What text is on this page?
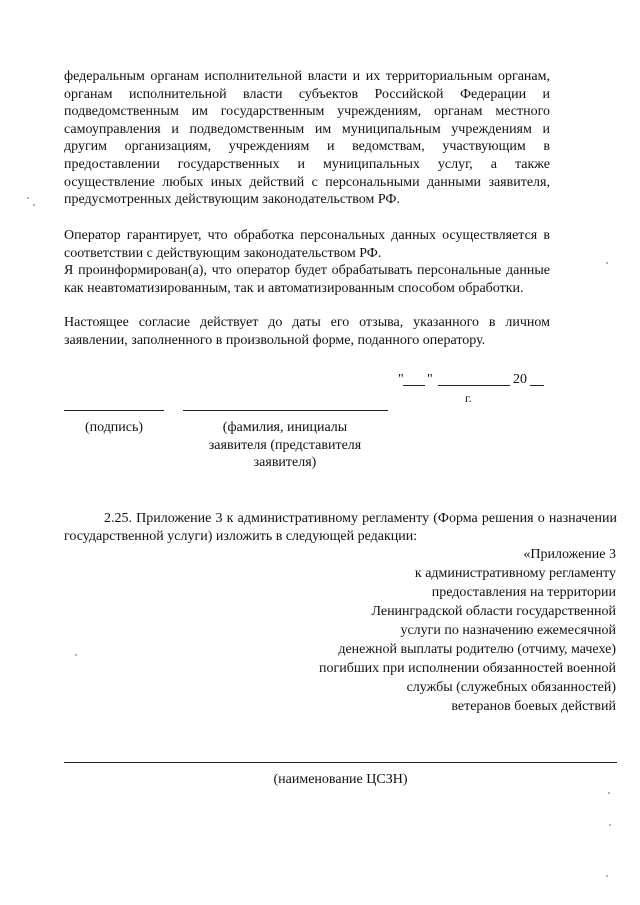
федеральным органам исполнительной власти и их территориальным органам, органам исполнительной власти субъектов Российской Федерации и подведомственным им государственным учреждениям, органам местного самоуправления и подведомственным им муниципальным учреждениям и другим организациям, учреждениям и ведомствам, участвующим в предоставлении государственных и муниципальных услуг, а также осуществление любых иных действий с персональными данными заявителя, предусмотренных действующим законодательством РФ.

Оператор гарантирует, что обработка персональных данных осуществляется в соответствии с действующим законодательством РФ.

Я проинформирован(а), что оператор будет обрабатывать персональные данные как неавтоматизированным, так и автоматизированным способом обработки.

Настоящее согласие действует до даты его отзыва, указанного в личном заявлении, заполненного в произвольной форме, поданного оператору.

" "	20
г.
(подпись)	(фамилия, инициалы заявителя (представителя заявителя)

2.25. Приложение 3 к административному регламенту (Форма решения о назначении государственной услуги) изложить в следующей редакции:

«Приложение 3
к административному регламенту
предоставления на территории
Ленинградской области государственной
услуги по назначению ежемесячной
денежной выплаты родителю (отчиму, мачехе)
погибших при исполнении обязанностей военной
службы (служебных обязанностей)
ветеранов боевых действий
(наименование ЦСЗН)
